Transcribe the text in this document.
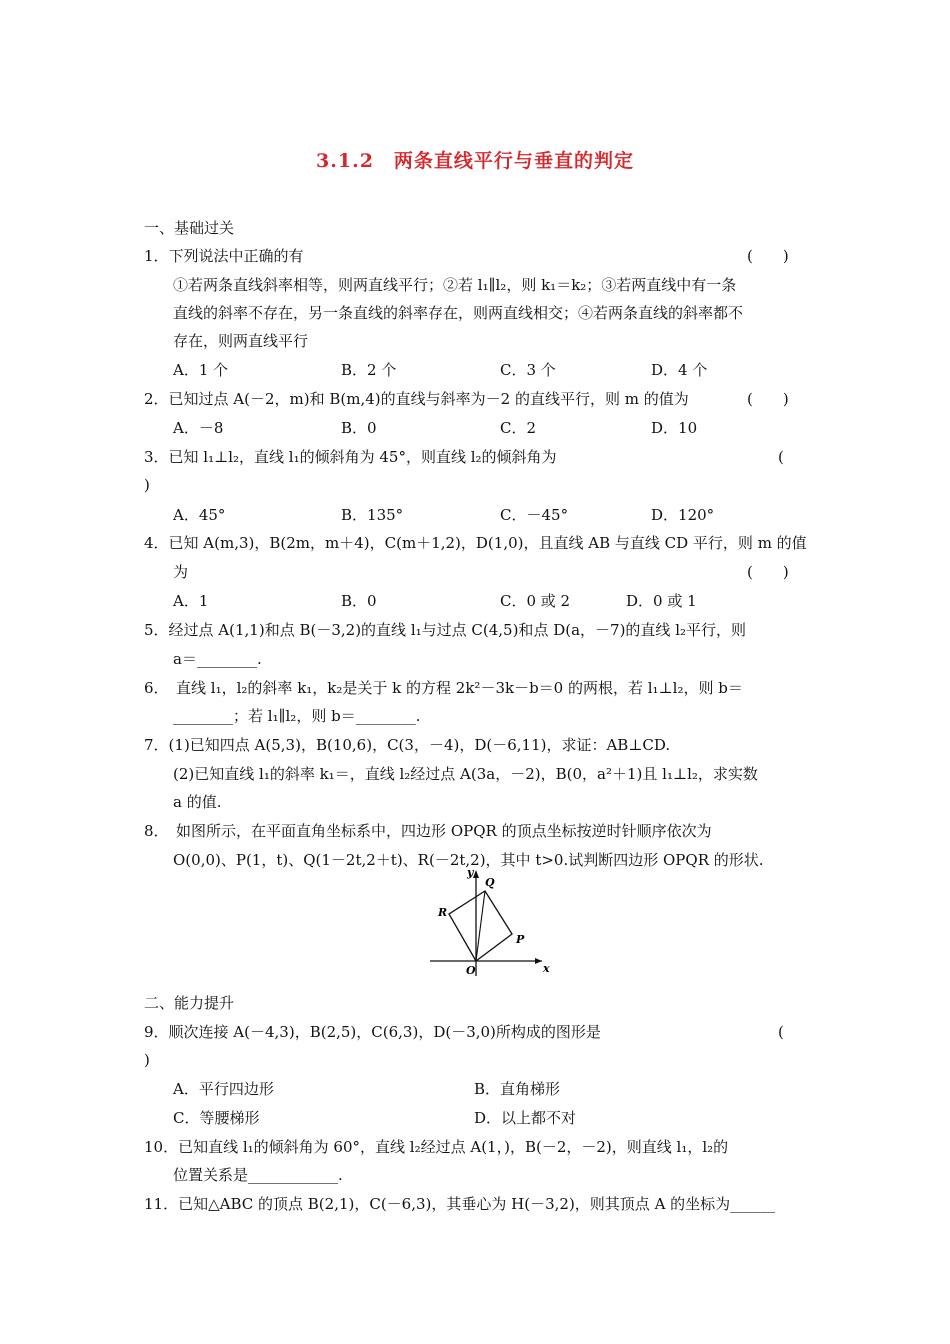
3.1.2　两条直线平行与垂直的判定
一、基础过关
1．下列说法中正确的有	(　　)
①若两条直线斜率相等，则两直线平行；②若 l₁∥l₂，则 k₁＝k₂；③若两直线中有一条
直线的斜率不存在，另一条直线的斜率存在，则两直线相交；④若两条直线的斜率都不
存在，则两直线平行
A．1 个	B．2 个	C．3 个	D．4 个
2．已知过点 A(－2，m)和 B(m,4)的直线与斜率为－2 的直线平行，则 m 的值为	(　　)
A．－8	B．0	C．2	D．10
3．已知 l₁⊥l₂，直线 l₁的倾斜角为 45°，则直线 l₂的倾斜角为	(
)
A．45°	B．135°	C．－45°	D．120°
4．已知 A(m,3)，B(2m，m＋4)，C(m＋1,2)，D(1,0)，且直线 AB 与直线 CD 平行，则 m 的值
为	(　　)
A．1	B．0	C．0 或 2	D．0 或 1
5．经过点 A(1,1)和点 B(－3,2)的直线 l₁与过点 C(4,5)和点 D(a，－7)的直线 l₂平行，则
a＝________.
6．　直线 l₁，l₂的斜率 k₁，k₂是关于 k 的方程 2k²－3k－b＝0 的两根，若 l₁⊥l₂，则 b＝
________；若 l₁∥l₂，则 b＝________.
7．(1)已知四点 A(5,3)，B(10,6)，C(3，－4)，D(－6,11)，求证：AB⊥CD.
(2)已知直线 l₁的斜率 k₁＝，直线 l₂经过点 A(3a，－2)，B(0，a²＋1)且 l₁⊥l₂，求实数
a 的值.
8．　如图所示，在平面直角坐标系中，四边形 OPQR 的顶点坐标按逆时针顺序依次为
O(0,0)、P(1，t)、Q(1－2t,2＋t)、R(－2t,2)，其中 t>0.试判断四边形 OPQR 的形状.
y
x
O
P
Q
R
二、能力提升
9．顺次连接 A(－4,3)，B(2,5)，C(6,3)，D(－3,0)所构成的图形是	(
)
A．平行四边形	B．直角梯形
C．等腰梯形	D．以上都不对
10．已知直线 l₁的倾斜角为 60°，直线 l₂经过点 A(1，)，B(－2，－2)，则直线 l₁，l₂的
位置关系是____________.
11．已知△ABC 的顶点 B(2,1)，C(－6,3)，其垂心为 H(－3,2)，则其顶点 A 的坐标为______
